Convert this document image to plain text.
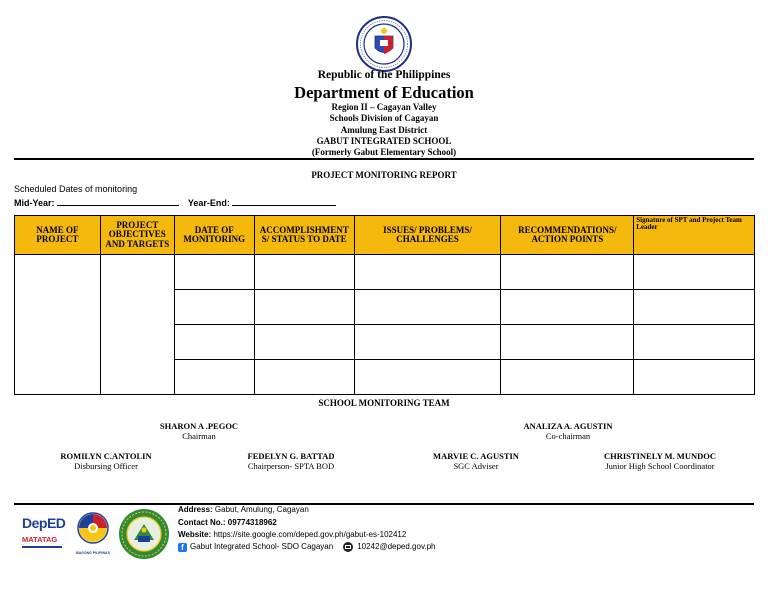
Republic of the Philippines
Department of Education
Region II – Cagayan Valley
Schools Division of Cagayan
Amulung East District
GABUT INTEGRATED SCHOOL
(Formerly Gabut Elementary School)
PROJECT MONITORING REPORT
Scheduled Dates of monitoring
Mid-Year:	Year-End:
NAME OF PROJECT	PROJECT OBJECTIVES AND TARGETS	DATE OF MONITORING	ACCOMPLISHMENT S/ STATUS TO DATE	ISSUES/ PROBLEMS/ CHALLENGES	RECOMMENDATIONS/ ACTION POINTS	Signature of SPT and Project Team Leader

SCHOOL MONITORING TEAM
SHARON A .PEGOC
Chairman
ANALIZA A. AGUSTIN
Co-chairman
ROMILYN C.ANTOLIN
Disbursing Officer
FEDELYN G. BATTAD
Chairperson- SPTA BOD
MARVIE C. AGUSTIN
SGC Adviser
CHRISTINELY M. MUNDOC
Junior High School Coordinator
DepED
MATATAG
BAGONG PILIPINAS
Address: Gabut, Amulung, Cagayan
Contact No.: 09774318962
Website: https://site.google.com/deped.gov.ph/gabut-es-102412
f Gabut Integrated School- SDO Cagayan	10242@deped.gov.ph
